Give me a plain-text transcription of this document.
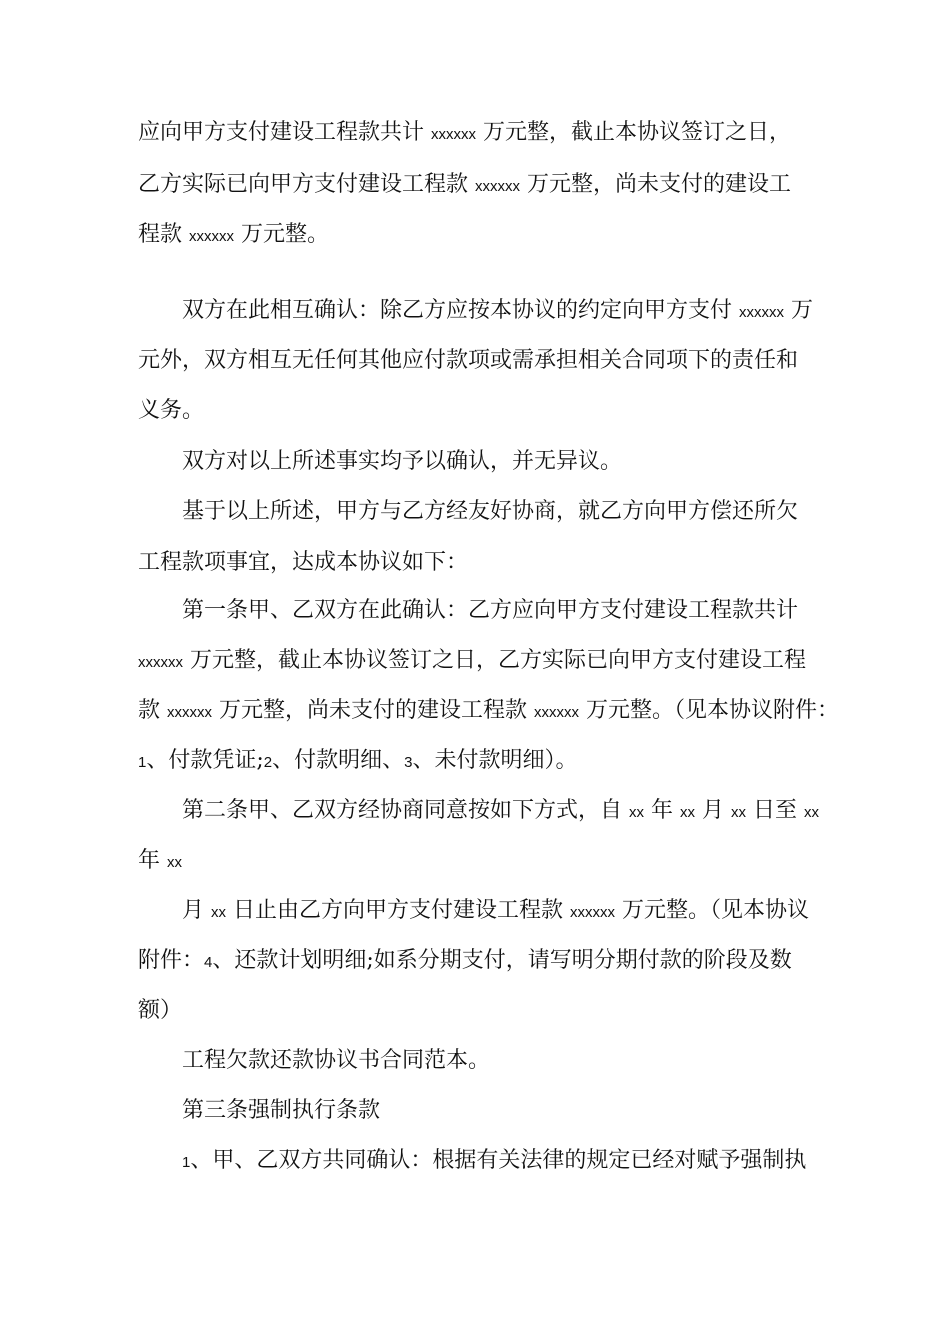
应向甲方支付建设工程款共计 xxxxxx 万元整，截止本协议签订之日，
乙方实际已向甲方支付建设工程款 xxxxxx 万元整，尚未支付的建设工
程款 xxxxxx 万元整。
双方在此相互确认：除乙方应按本协议的约定向甲方支付 xxxxxx 万
元外，双方相互无任何其他应付款项或需承担相关合同项下的责任和
义务。
双方对以上所述事实均予以确认，并无异议。
基于以上所述，甲方与乙方经友好协商，就乙方向甲方偿还所欠
工程款项事宜，达成本协议如下：
第一条甲、乙双方在此确认：乙方应向甲方支付建设工程款共计
xxxxxx 万元整，截止本协议签订之日，乙方实际已向甲方支付建设工程
款 xxxxxx 万元整，尚未支付的建设工程款 xxxxxx 万元整。（见本协议附件：
1、付款凭证;2、付款明细、3、未付款明细）。
第二条甲、乙双方经协商同意按如下方式，自 xx 年 xx 月 xx 日至 xx
年 xx
月 xx 日止由乙方向甲方支付建设工程款 xxxxxx 万元整。（见本协议
附件：4、还款计划明细;如系分期支付，请写明分期付款的阶段及数
额）
工程欠款还款协议书合同范本。
第三条强制执行条款
1、甲、乙双方共同确认：根据有关法律的规定已经对赋予强制执
